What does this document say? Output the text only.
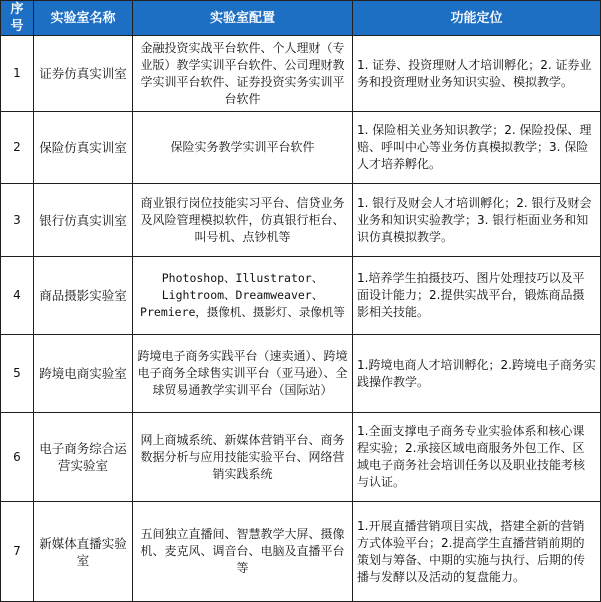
序号	实验室名称	实验室配置	功能定位
1	证券仿真实训室	金融投资实战平台软件、个人理财（专业版）教学实训平台软件、公司理财教学实训平台软件、证券投资实务实训平台软件	1. 证券、投资理财人才培训孵化；2. 证券业务和投资理财业务知识实验、模拟教学。
2	保险仿真实训室	保险实务教学实训平台软件	1. 保险相关业务知识教学；2. 保险投保、理赔、呼叫中心等业务仿真模拟教学；3. 保险人才培养孵化。
3	银行仿真实训室	商业银行岗位技能实习平台、信贷业务及风险管理模拟软件，仿真银行柜台、叫号机、点钞机等	1. 银行及财会人才培训孵化；2. 银行及财会业务和知识实验教学；3. 银行柜面业务和知识仿真模拟教学。
4	商品摄影实验室	Photoshop、Illustrator、Lightroom、Dreamweaver、Premiere，摄像机、摄影灯、录像机等	1.培养学生拍摄技巧、图片处理技巧以及平面设计能力；2.提供实战平台，锻炼商品摄影相关技能。
5	跨境电商实验室	跨境电子商务实践平台（速卖通）、跨境电子商务全球售实训平台（亚马逊）、全球贸易通教学实训平台（国际站）	1.跨境电商人才培训孵化；2.跨境电子商务实践操作教学。
6	电子商务综合运营实验室	网上商城系统、新媒体营销平台、商务数据分析与应用技能实验平台、网络营销实践系统	1.全面支撑电子商务专业实验体系和核心课程实验；2.承接区域电商服务外包工作、区域电子商务社会培训任务以及职业技能考核与认证。
7	新媒体直播实验室	五间独立直播间、智慧教学大屏、摄像机、麦克风、调音台、电脑及直播平台等	1.开展直播营销项目实战，搭建全新的营销方式体验平台；2.提高学生直播营销前期的策划与筹备、中期的实施与执行、后期的传播与发酵以及活动的复盘能力。
